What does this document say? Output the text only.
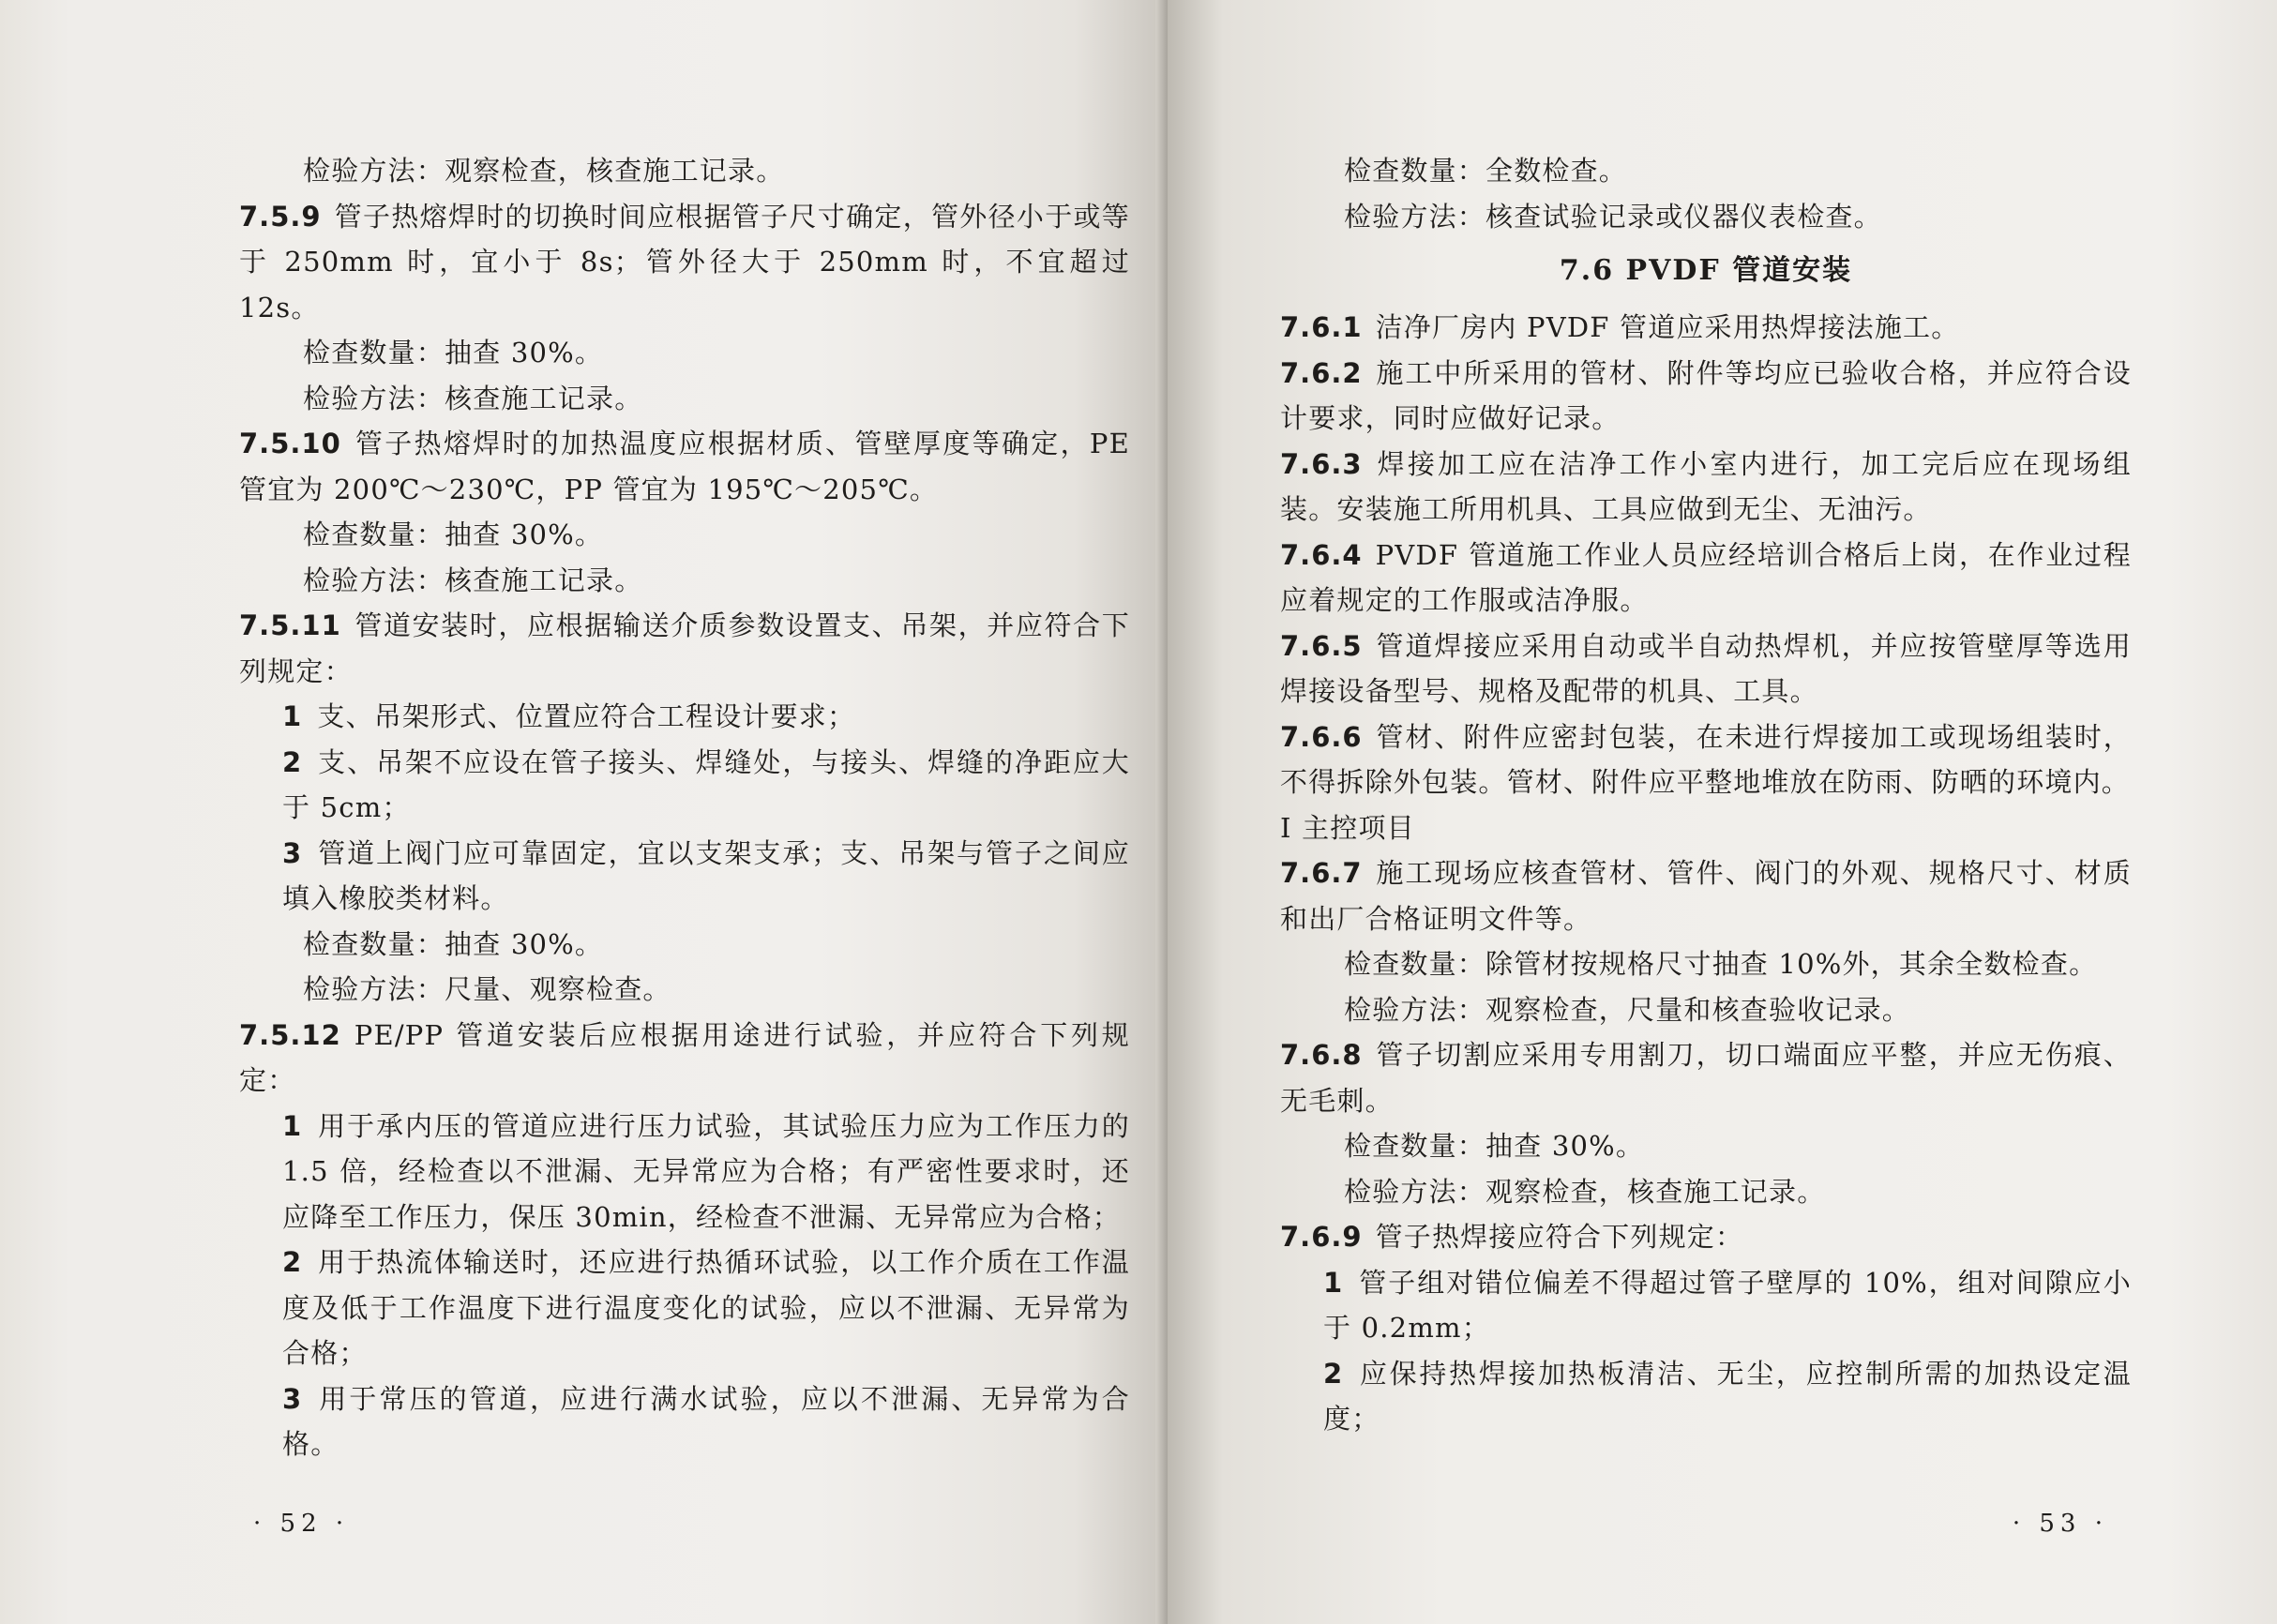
检验方法：观察检查，核查施工记录。

7.5.9 管子热熔焊时的切换时间应根据管子尺寸确定，管外径小于或等于 250mm 时，宜小于 8s；管外径大于 250mm 时，不宜超过 12s。

检查数量：抽查 30%。

检验方法：核查施工记录。

7.5.10 管子热熔焊时的加热温度应根据材质、管壁厚度等确定，PE 管宜为 200℃～230℃，PP 管宜为 195℃～205℃。

检查数量：抽查 30%。

检验方法：核查施工记录。

7.5.11 管道安装时，应根据输送介质参数设置支、吊架，并应符合下列规定：

1 支、吊架形式、位置应符合工程设计要求；

2 支、吊架不应设在管子接头、焊缝处，与接头、焊缝的净距应大于 5cm；

3 管道上阀门应可靠固定，宜以支架支承；支、吊架与管子之间应填入橡胶类材料。

检查数量：抽查 30%。

检验方法：尺量、观察检查。

7.5.12 PE/PP 管道安装后应根据用途进行试验，并应符合下列规定：

1 用于承内压的管道应进行压力试验，其试验压力应为工作压力的 1.5 倍，经检查以不泄漏、无异常应为合格；有严密性要求时，还应降至工作压力，保压 30min，经检查不泄漏、无异常应为合格；

2 用于热流体输送时，还应进行热循环试验，以工作介质在工作温度及低于工作温度下进行温度变化的试验，应以不泄漏、无异常为合格；

3 用于常压的管道，应进行满水试验，应以不泄漏、无异常为合格。

· 52 ·

检查数量：全数检查。

检验方法：核查试验记录或仪器仪表检查。

7.6 PVDF 管道安装

7.6.1 洁净厂房内 PVDF 管道应采用热焊接法施工。

7.6.2 施工中所采用的管材、附件等均应已验收合格，并应符合设计要求，同时应做好记录。

7.6.3 焊接加工应在洁净工作小室内进行，加工完后应在现场组装。安装施工所用机具、工具应做到无尘、无油污。

7.6.4 PVDF 管道施工作业人员应经培训合格后上岗，在作业过程应着规定的工作服或洁净服。

7.6.5 管道焊接应采用自动或半自动热焊机，并应按管壁厚等选用焊接设备型号、规格及配带的机具、工具。

7.6.6 管材、附件应密封包装，在未进行焊接加工或现场组装时，不得拆除外包装。管材、附件应平整地堆放在防雨、防晒的环境内。

Ⅰ 主控项目

7.6.7 施工现场应核查管材、管件、阀门的外观、规格尺寸、材质和出厂合格证明文件等。

检查数量：除管材按规格尺寸抽查 10%外，其余全数检查。

检验方法：观察检查，尺量和核查验收记录。

7.6.8 管子切割应采用专用割刀，切口端面应平整，并应无伤痕、无毛刺。

检查数量：抽查 30%。

检验方法：观察检查，核查施工记录。

7.6.9 管子热焊接应符合下列规定：

1 管子组对错位偏差不得超过管子壁厚的 10%，组对间隙应小于 0.2mm；

2 应保持热焊接加热板清洁、无尘，应控制所需的加热设定温度；

· 53 ·
